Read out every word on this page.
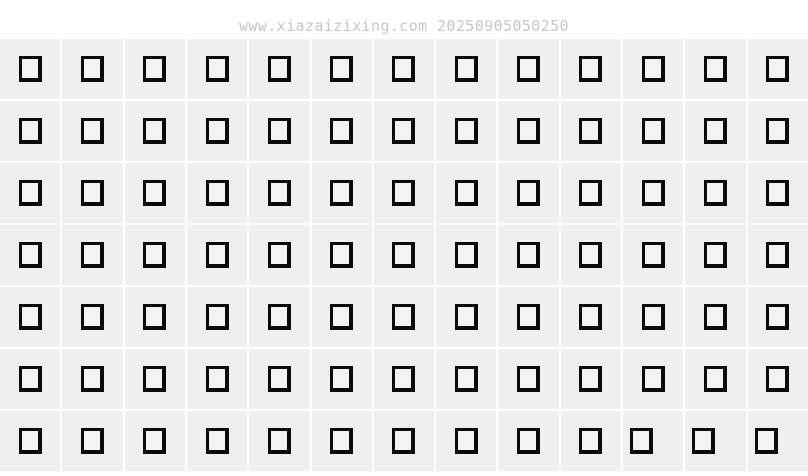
www.xiazaizixing.com 20250905050250
